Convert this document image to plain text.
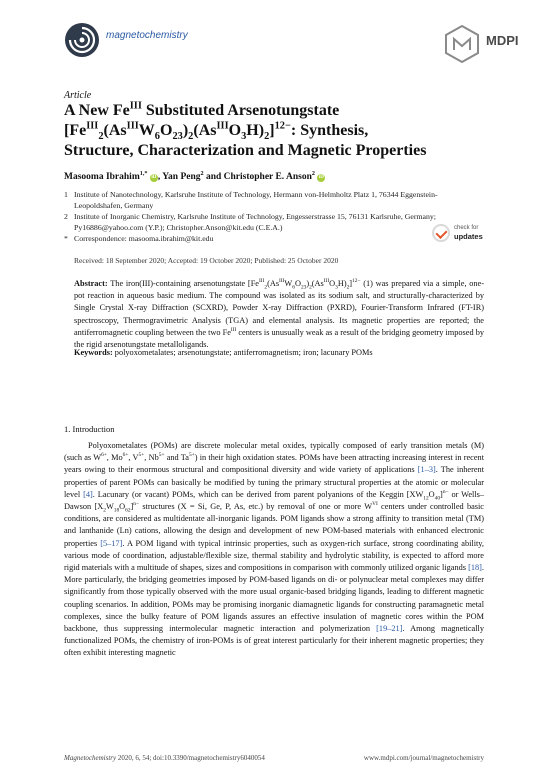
magnetochemistry	MDPI
Article
A New $Fe^{III}$ Substituted Arsenotungstate
$[Fe^{III}_2(As^{III}W_6O_{23})_2(As^{III}O_3H)_2]^{12-}$: Synthesis,
Structure, Characterization and Magnetic Properties
Masooma Ibrahim$^{1,*}$ iD , Yan Peng$^2$ and Christopher E. Anson$^2$ iD
1 Institute of Nanotechnology, Karlsruhe Institute of Technology, Hermann von-Helmholtz Platz 1, 76344 Eggenstein-Leopoldshafen, Germany
2 Institute of Inorganic Chemistry, Karlsruhe Institute of Technology, Engesserstrasse 15, 76131 Karlsruhe, Germany; Py16886@yahoo.com (Y.P.); Christopher.Anson@kit.edu (C.E.A.)
* Correspondence: masooma.ibrahim@kit.edu
check for
updates
Received: 18 September 2020; Accepted: 19 October 2020; Published: 25 October 2020
Abstract: The iron(III)-containing arsenotungstate $[Fe^{III}_2(As^{III}W_6O_{23})_2(As^{III}O_3H)_2]^{12-}$ (1) was prepared via a simple, one-pot reaction in aqueous basic medium. The compound was isolated as its sodium salt, and structurally-characterized by Single Crystal X-ray Diffraction (SCXRD), Powder X-ray Diffraction (PXRD), Fourier-Transform Infrared (FT-IR) spectroscopy, Thermogravimetric Analysis (TGA) and elemental analysis. Its magnetic properties are reported; the antiferromagnetic coupling between the two $Fe^{III}$ centers is unusually weak as a result of the bridging geometry imposed by the rigid arsenotungstate metalloligands.
Keywords: polyoxometalates; arsenotungstate; antiferromagnetism; iron; lacunary POMs
1. Introduction
Polyoxometalates (POMs) are discrete molecular metal oxides, typically composed of early transition metals (M) (such as $W^{6+}$, $Mo^{6+}$, $V^{5+}$, $Nb^{5+}$ and $Ta^{5+}$) in their high oxidation states. POMs have been attracting increasing interest in recent years owing to their enormous structural and compositional diversity and wide variety of applications [1–3]. The inherent properties of parent POMs can basically be modified by tuning the primary structural properties at the atomic or molecular level [4]. Lacunary (or vacant) POMs, which can be derived from parent polyanions of the Keggin $[XW_{12}O_{40}]^{n-}$ or Wells–Dawson $[X_2W_{18}O_{62}]^{n-}$ structures (X = Si, Ge, P, As, etc.) by removal of one or more $W^{VI}$ centers under controlled basic conditions, are considered as multidentate all-inorganic ligands. POM ligands show a strong affinity to transition metal (TM) and lanthanide (Ln) cations, allowing the design and development of new POM-based materials with enhanced electronic properties [5–17]. A POM ligand with typical intrinsic properties, such as oxygen-rich surface, strong coordinating ability, various mode of coordination, adjustable/flexible size, thermal stability and hydrolytic stability, is expected to afford more rigid materials with a multitude of shapes, sizes and compositions in comparison with commonly utilized organic ligands [18]. More particularly, the bridging geometries imposed by POM-based ligands on di- or polynuclear metal complexes may differ significantly from those typically observed with the more usual organic-based bridging ligands, leading to different magnetic coupling scenarios. In addition, POMs may be promising inorganic diamagnetic ligands for constructing paramagnetic metal complexes, since the bulky feature of POM ligands assures an effective insulation of magnetic cores within the POM backbone, thus suppressing intermolecular magnetic interaction and polymerization [19–21]. Among magnetically functionalized POMs, the chemistry of iron-POMs is of great interest particularly for their inherent magnetic properties; they often exhibit interesting magnetic
Magnetochemistry 2020, 6, 54; doi:10.3390/magnetochemistry6040054	www.mdpi.com/journal/magnetochemistry
